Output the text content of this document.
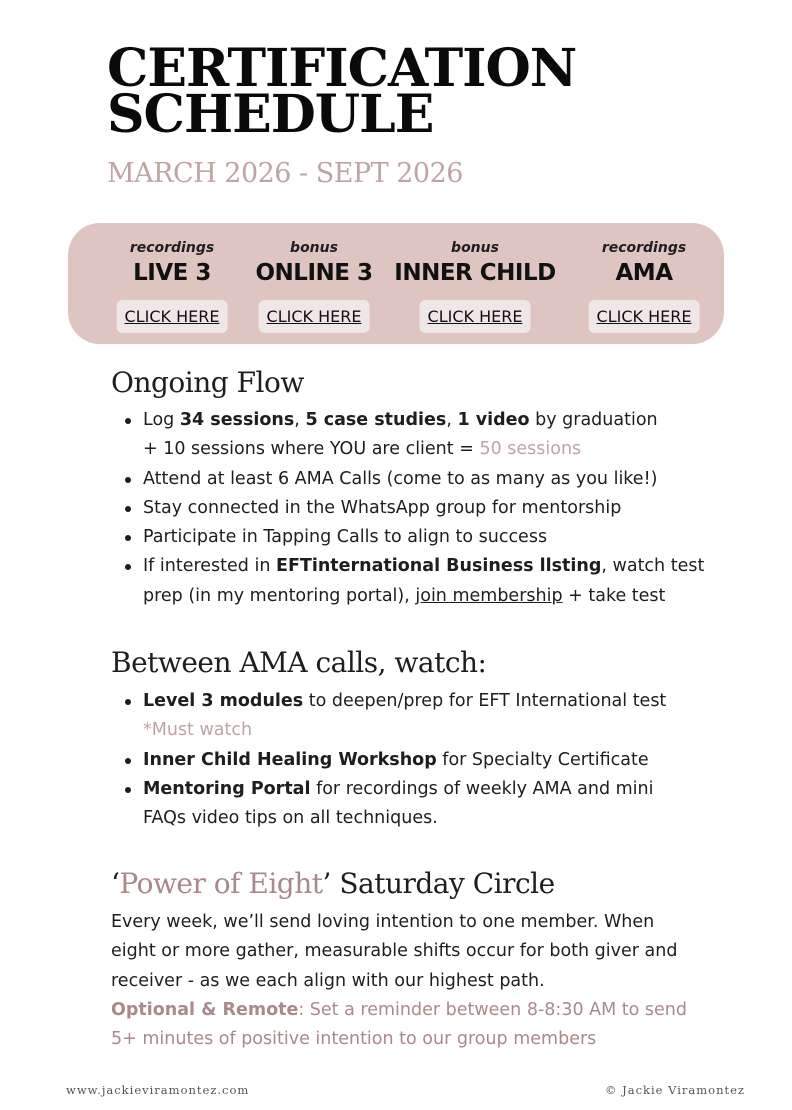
CERTIFICATION
SCHEDULE
MARCH 2026 - SEPT 2026
recordings
LIVE 3
CLICK HERE
bonus
ONLINE 3
CLICK HERE
bonus
INNER CHILD
CLICK HERE
recordings
AMA
CLICK HERE
Ongoing Flow
Log 34 sessions, 5 case studies, 1 video by graduation
+ 10 sessions where YOU are client = 50 sessions
Attend at least 6 AMA Calls (come to as many as you like!)
Stay connected in the WhatsApp group for mentorship
Participate in Tapping Calls to align to success
If interested in EFTinternational Business llsting, watch test
prep (in my mentoring portal), join membership + take test
Between AMA calls, watch:
Level 3 modules to deepen/prep for EFT International test
*Must watch
Inner Child Healing Workshop for Specialty Certificate
Mentoring Portal for recordings of weekly AMA and mini
FAQs video tips on all techniques.
‘Power of Eight’ Saturday Circle

Every week, we’ll send loving intention to one member. When

eight or more gather, measurable shifts occur for both giver and

receiver - as we each align with our highest path.

Optional & Remote: Set a reminder between 8-8:30 AM to send

5+ minutes of positive intention to our group members

www.jackieviramontez.com	© Jackie Viramontez
